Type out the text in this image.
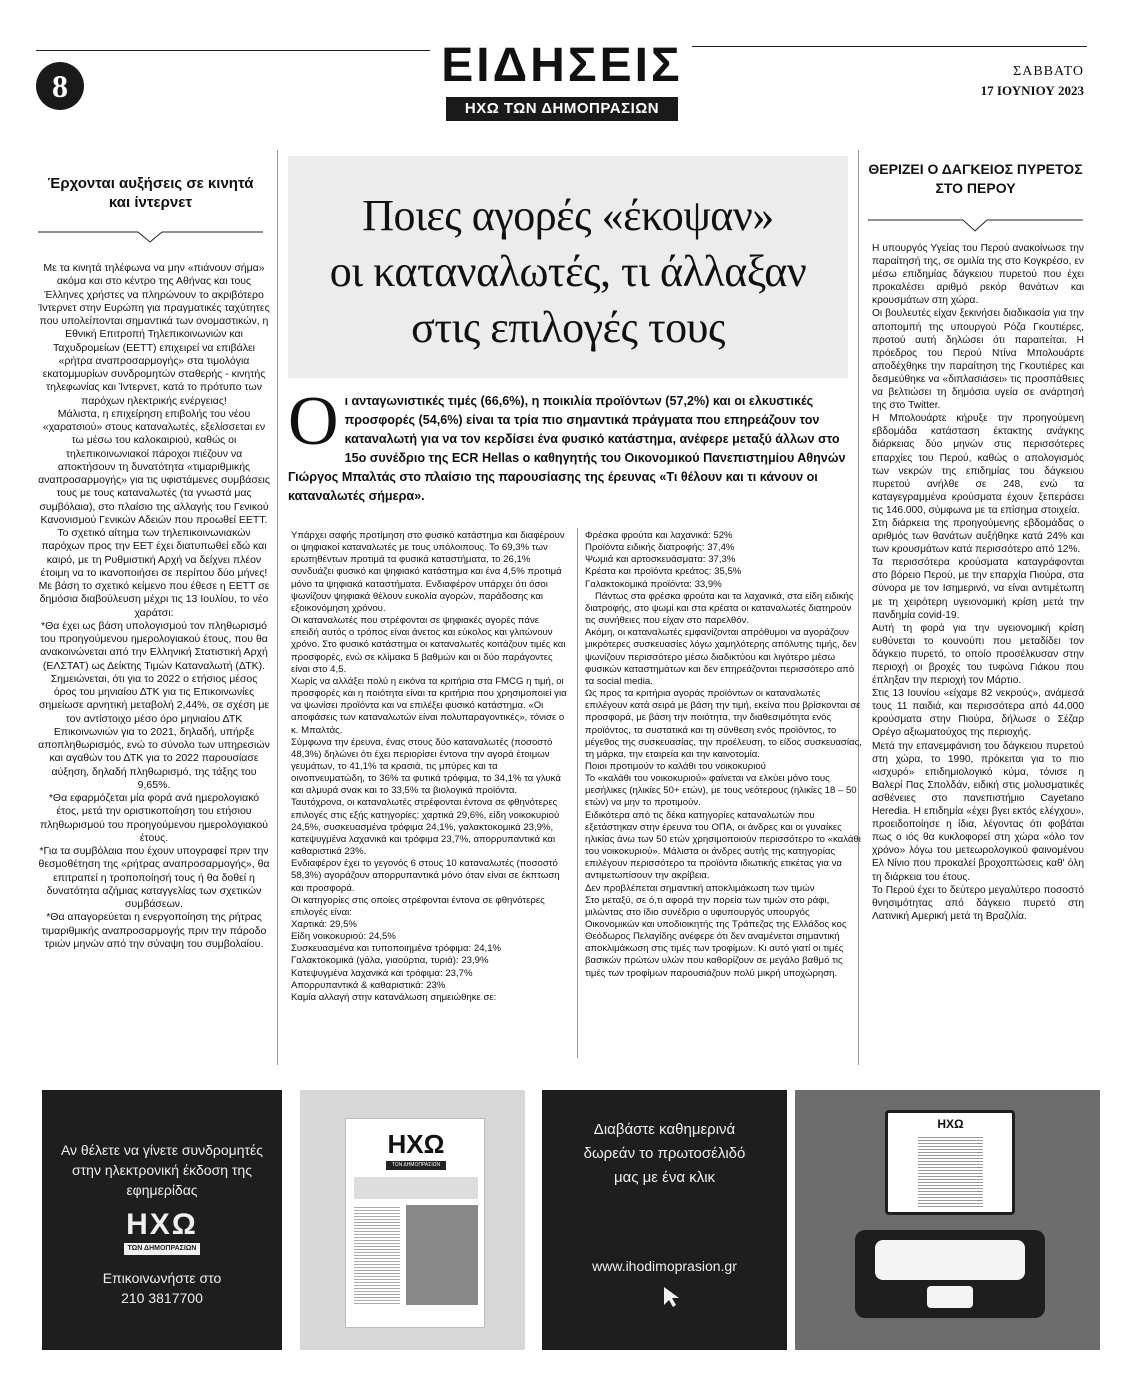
8	ΕΙΔΗΣΕΙΣ
ΗΧΩ ΤΩΝ ΔΗΜΟΠΡΑΣΙΩΝ
ΣΑΒΒΑΤΟ
17 ΙΟΥΝΙΟΥ 2023
Έρχονται αυξήσεις σε κινητά και ίντερνετ

Με τα κινητά τηλέφωνα να μην «πιάνουν σήμα» ακόμα και στο κέντρο της Αθήνας και τους Έλληνες χρήστες να πληρώνουν το ακριβότερο Ίντερνετ στην Ευρώπη για πραγματικές ταχύτητες που υπολείπονται σημαντικά των ονομαστικών, η Εθνική Επιτροπή Τηλεπικοινωνιών και Ταχυδρομείων (ΕΕΤΤ) επιχειρεί να επιβάλει «ρήτρα αναπροσαρμογής» στα τιμολόγια εκατομμυρίων συνδρομητών σταθερής - κινητής τηλεφωνίας και Ίντερνετ, κατά το πρότυπο των παρόχων ηλεκτρικής ενέργειας!

Μάλιστα, η επιχείρηση επιβολής του νέου «χαρατσιού» στους καταναλωτές, εξελίσσεται εν τω μέσω του καλοκαιριού, καθώς οι τηλεπικοινωνιακοί πάροχοι πιέζουν να αποκτήσουν τη δυνατότητα «τιμαριθμικής αναπροσαρμογής» για τις υφιστάμενες συμβάσεις τους με τους καταναλωτές (τα γνωστά μας συμβόλαια), στο πλαίσιο της αλλαγής του Γενικού Κανονισμού Γενικών Αδειών που προωθεί ΕΕΤΤ.

Το σχετικό αίτημα των τηλεπικοινωνιακών παρόχων προς την ΕΕΤ έχει διατυπωθεί εδώ και καιρό, με τη Ρυθμιστική Αρχή να δείχνει πλέον έτοιμη να το ικανοποιήσει σε περίπου δύο μήνες!

Με βάση το σχετικό κείμενο που έθεσε η ΕΕΤΤ σε δημόσια διαβούλευση μέχρι τις 13 Ιουλίου, το νέο χαράτσι:

*Θα έχει ως βάση υπολογισμού τον πληθωρισμό του προηγούμενου ημερολογιακού έτους, που θα ανακοινώνεται από την Ελληνική Στατιστική Αρχή (ΕΛΣΤΑΤ) ως Δείκτης Τιμών Καταναλωτή (ΔΤΚ). Σημειώνεται, ότι για το 2022 ο ετήσιος μέσος όρος του μηνιαίου ΔΤΚ για τις Επικοινωνίες σημείωσε αρνητική μεταβολή 2,44%, σε σχέση με τον αντίστοιχο μέσο όρο μηνιαίου ΔΤΚ Επικοινωνιών για το 2021, δηλαδή, υπήρξε αποπληθωρισμός, ενώ το σύνολο των υπηρεσιών και αγαθών του ΔΤΚ για το 2022 παρουσίασε αύξηση, δηλαδή πληθωρισμό, της τάξης του 9,65%.

*Θα εφαρμόζεται μία φορά ανά ημερολογιακό έτος, μετά την οριστικοποίηση του ετήσιου πληθωρισμού του προηγούμενου ημερολογιακού έτους.

*Για τα συμβόλαια που έχουν υπογραφεί πριν την θεσμοθέτηση της «ρήτρας αναπροσαρμογής», θα επιτραπεί η τροποποίησή τους ή θα δοθεί η δυνατότητα αζήμιας καταγγελίας των σχετικών συμβάσεων.

*Θα απαγορεύεται η ενεργοποίηση της ρήτρας τιμαριθμικής αναπροσαρμογής πριν την πάροδο τριών μηνών από την σύναψη του συμβολαίου.

Ποιες αγορές «έκοψαν»
οι καταναλωτές, τι άλλαξαν
στις επιλογές τους
Οι ανταγωνιστικές τιμές (66,6%), η ποικιλία προϊόντων (57,2%) και οι ελκυστικές προσφορές (54,6%) είναι τα τρία πιο σημαντικά πράγματα που επηρεάζουν τον καταναλωτή για να τον κερδίσει ένα φυσικό κατάστημα, ανέφερε μεταξύ άλλων στο 15ο συνέδριο της ECR Hellas ο καθηγητής του Οικονομικού Πανεπιστημίου Αθηνών Γιώργος Μπαλτάς στο πλαίσιο της παρουσίασης της έρευνας «Τι θέλουν και τι κάνουν οι καταναλωτές σήμερα».

Υπάρχει σαφής προτίμηση στο φυσικό κατάστημα και διαφέρουν οι ψηφιακοί καταναλωτές με τους υπόλοιπους. Το 69,3% των ερωτηθέντων προτιμά τα φυσικά καταστήματα, το 26,1% συνδυάζει φυσικό και ψηφιακό κατάστημα και ένα 4,5% προτιμά μόνο τα ψηφιακά καταστήματα. Ενδιαφέρον υπάρχει ότι όσοι ψωνίζουν ψηφιακά θέλουν ευκολία αγορών, παράδοσης και εξοικονόμηση χρόνου.

Οι καταναλωτές που στρέφονται σε ψηφιακές αγορές πάνε επειδή αυτός ο τρόπος είναι άνετος και εύκολος και γλιτώνουν χρόνο. Στο φυσικό κατάστημα οι καταναλωτές κοιτάζουν τιμές και προσφορές, ενώ σε κλίμακα 5 βαθμών και οι δύο παράγοντες είναι στο 4,5.

Χωρίς να αλλάξει πολύ η εικόνα τα κριτήρια στα FMCG η τιμή, οι προσφορές και η ποιότητα είναι τα κριτήρια που χρησιμοποιεί για να ψωνίσει προϊόντα και να επιλέξει φυσικό κατάστημα. «Οι αποφάσεις των καταναλωτών είναι πολυπαραγοντικές», τόνισε ο κ. Μπαλτάς.

Σύμφωνα την έρευνα, ένας στους δύο καταναλωτές (ποσοστό 48,3%) δηλώνει ότι έχει περιορίσει έντονα την αγορά έτοιμων γευμάτων, το 41,1% τα κρασιά, τις μπύρες και τα οινοπνευματώδη, το 36% τα φυτικά τρόφιμα, το 34,1% τα γλυκά και αλμυρά σνακ και το 33,5% τα βιολογικά προϊόντα.

Ταυτόχρονα, οι καταναλωτές στρέφονται έντονα σε φθηνότερες επιλογές στις εξής κατηγορίες: χαρτικά 29,6%, είδη νοικοκυριού 24,5%, συσκευασμένα τρόφιμα 24,1%, γαλακτοκομικά 23,9%, κατεψυγμένα λαχανικά και τρόφιμα 23,7%, απορρυπαντικά και καθαριστικά 23%.

Ενδιαφέρον έχει το γεγονός 6 στους 10 καταναλωτές (ποσοστό 58,3%) αγοράζουν απορρυπαντικά μόνο όταν είναι σε έκπτωση και προσφορά.

Οι κατηγορίες στις οποίες στρέφονται έντονα σε φθηνότερες επιλογές είναι:

Χαρτικά: 29,5%

Είδη νοικοκυριού: 24,5%

Συσκευασμένα και τυποποιημένα τρόφιμα: 24,1%

Γαλακτοκομικά (γάλα, γιαούρτια, τυριά): 23,9%

Κατεψυγμένα λαχανικά και τρόφιμα: 23,7%

Απορρυπαντικά & καθαριστικά: 23%

Καμία αλλαγή στην κατανάλωση σημειώθηκε σε:

Φρέσκα φρούτα και λαχανικά: 52%

Προϊόντα ειδικής διατροφής: 37,4%

Ψωμιά και αρτοσκευάσματα: 37,3%

Κρέατα και προϊόντα κρεάτος: 35,5%

Γαλακτοκομικά προϊόντα: 33,9%

Πάντως στα φρέσκα φρούτα και τα λαχανικά, στα είδη ειδικής διατροφής, στο ψωμί και στα κρέατα οι καταναλωτές διατηρούν τις συνήθειες που είχαν στο παρελθόν.

Ακόμη, οι καταναλωτές εμφανίζονται απρόθυμοι να αγοράζουν μικρότερες συσκευασίες λόγω χαμηλότερης απόλυτης τιμής, δεν ψωνίζουν περισσότερο μέσω διαδικτύου και λιγότερο μέσω φυσικών καταστημάτων και δεν επηρεάζονται περισσότερο από τα social media.

Ως προς τα κριτήρια αγοράς προϊόντων οι καταναλωτές επιλέγουν κατά σειρά με βάση την τιμή, εκείνα που βρίσκονται σε προσφορά, με βάση την ποιότητα, την διαθεσιμότητα ενός προϊόντος, τα συστατικά και τη σύνθεση ενός προϊόντος, το μέγεθος της συσκευασίας, την προέλευση, το είδος συσκευασίας, τη μάρκα, την εταιρεία και την καινοτομία.

Ποιοι προτιμούν το καλάθι του νοικοκυριού

Το «καλάθι του νοικοκυριού» φαίνεται να ελκύει μόνο τους μεσήλικες (ηλικίες 50+ ετών), με τους νεότερους (ηλικίες 18 – 50 ετών) να μην το προτιμούν.

Ειδικότερα από τις δέκα κατηγορίες καταναλωτών που εξετάστηκαν στην έρευνα του ΟΠΑ, οι άνδρες και οι γυναίκες ηλικίας άνω των 50 ετών χρησιμοποιούν περισσότερο το «καλάθι του νοικοκυριού». Μάλιστα οι άνδρες αυτής της κατηγορίας επιλέγουν περισσότερο τα προϊόντα ιδιωτικής ετικέτας για να αντιμετωπίσουν την ακρίβεια.

Δεν προβλέπεται σημαντική αποκλιμάκωση των τιμών

Στο μεταξύ, σε ό,τι αφορά την πορεία των τιμών στο ράφι, μιλώντας στο ίδιο συνέδριο ο υφυπουργός υπουργός Οικονομικών και υποδιοικητής της Τράπεζας της Ελλάδος κος Θεόδωρος Πελαγίδης ανέφερε ότι δεν αναμένεται σημαντική αποκλιμάκωση στις τιμές των τροφίμων. Κι αυτό γιατί οι τιμές βασικών πρώτων υλών που καθορίζουν σε μεγάλο βαθμό τις τιμές των τροφίμων παρουσιάζουν πολύ μικρή υποχώρηση.

ΘΕΡΙΖΕΙ Ο ΔΑΓΚΕΙΟΣ ΠΥΡΕΤΟΣ ΣΤΟ ΠΕΡΟΥ

Η υπουργός Υγείας του Περού ανακοίνωσε την παραίτησή της, σε ομιλία της στο Κογκρέσο, εν μέσω επιδημίας δάγκειου πυρετού που έχει προκαλέσει αριθμό ρεκόρ θανάτων και κρουσμάτων στη χώρα.

Οι βουλευτές είχαν ξεκινήσει διαδικασία για την αποπομπή της υπουργού Ρόζα Γκουτιέρες, προτού αυτή δηλώσει ότι παραιτείται. Η πρόεδρος του Περού Ντίνα Μπολουάρτε αποδέχθηκε την παραίτηση της Γκουτιέρες και δεσμεύθηκε να «διπλασιάσει» τις προσπάθειες να βελτιώσει τη δημόσια υγεία σε ανάρτησή της στο Twitter.

Η Μπολουάρτε κήρυξε την προηγούμενη εβδομάδα κατάσταση έκτακτης ανάγκης διάρκειας δύο μηνών στις περισσότερες επαρχίες του Περού, καθώς ο απολογισμός των νεκρών της επιδημίας του δάγκειου πυρετού ανήλθε σε 248, ενώ τα καταγεγραμμένα κρούσματα έχουν ξεπεράσει τις 146.000, σύμφωνα με τα επίσημα στοιχεία.

Στη διάρκεια της προηγούμενης εβδομάδας ο αριθμός των θανάτων αυξήθηκε κατά 24% και των κρουσμάτων κατά περισσότερο από 12%.

Τα περισσότερα κρούσματα καταγράφονται στο βόρειο Περού, με την επαρχία Πιούρα, στα σύνορα με τον Ισημερινό, να είναι αντιμέτωπη με τη χειρότερη υγειονομική κρίση μετά την πανδημία covid-19.

Αυτή τη φορά για την υγειονομική κρίση ευθύνεται το κουνούπι που μεταδίδει τον δάγκειο πυρετό, το οποίο προσέλκυσαν στην περιοχή οι βροχές του τυφώνα Γιάκου που έπληξαν την περιοχή τον Μάρτιο.

Στις 13 Ιουνίου «είχαμε 82 νεκρούς», ανάμεσά τους 11 παιδιά, και περισσότερα από 44.000 κρούσματα στην Πιούρα, δήλωσε ο Σέζαρ Ορέγο αξιωματούχος της περιοχής.

Μετά την επανεμφάνιση του δάγκειου πυρετού στη χώρα, το 1990, πρόκειται για το πιο «ισχυρό» επιδημιολογικό κύμα, τόνισε η Βαλερί Πας Σπολδάν, ειδική στις μολυσματικές ασθένειες στο πανεπιστήμιο Cayetano Heredia. Η επιδημία «έχει βγει εκτός ελέγχου», προειδοποίησε η ίδια, λέγοντας ότι φοβάται πως ο ιός θα κυκλοφορεί στη χώρα «όλο τον χρόνο» λόγω του μετεωρολογικού φαινομένου Ελ Νίνιο που προκαλεί βροχοπτώσεις καθ' όλη τη διάρκεια του έτους.

Το Περού έχει το δεύτερο μεγαλύτερο ποσοστό θνησιμότητας από δάγκειο πυρετό στη Λατινική Αμερική μετά τη Βραζιλία.

Αν θέλετε να γίνετε συνδρομητές στην ηλεκτρονική έκδοση της εφημερίδας
ΗΧΩ
ΤΩΝ ΔΗΜΟΠΡΑΣΙΩΝ
Επικοινωνήστε στο
210 3817700
ΗΧΩ
ΤΩΝ ΔΗΜΟΠΡΑΣΙΩΝ
Διαβάστε καθημερινά δωρεάν το πρωτοσέλιδό μας με ένα κλικ
www.ihodimoprasion.gr
ΗΧΩ
